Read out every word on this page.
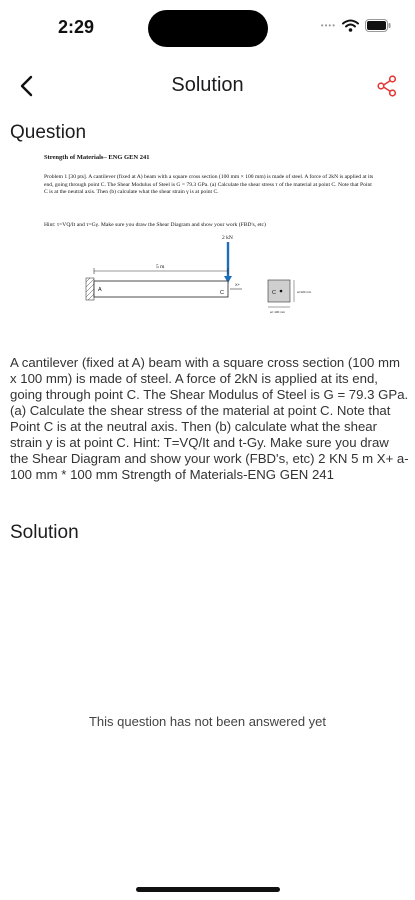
2:29	••••
Solution
Question
Strength of Materials– ENG GEN 241
Problem 1 [30 pts]. A cantilever (fixed at A) beam with a square cross section (100 mm × 100 mm) is made of steel. A force of 2kN is applied at its end, going through point C. The Shear Modulus of Steel is G = 79.3 GPa. (a) Calculate the shear stress τ of the material at point C. Note that Point C is at the neutral axis. Then (b) calculate what the shear strain γ is at point C.
Hint: τ=VQ/It and τ=Gγ. Make sure you draw the Shear Diagram and show your work (FBD's, etc)
2 kN
5 m
A	C
X+
C	a=100 mm
a= 100 mm
A cantilever (fixed at A) beam with a square cross section (100 mm x 100 mm) is made of steel. A force of 2kN is applied at its end, going through point C. The Shear Modulus of Steel is G = 79.3 GPa. (a) Calculate the shear stress of the material at point C. Note that Point C is at the neutral axis. Then (b) calculate what the shear strain y is at point C. Hint: T=VQ/It and t-Gy. Make sure you draw the Shear Diagram and show your work (FBD's, etc) 2 KN 5 m X+ a-100 mm * 100 mm Strength of Materials-ENG GEN 241
Solution
This question has not been answered yet
